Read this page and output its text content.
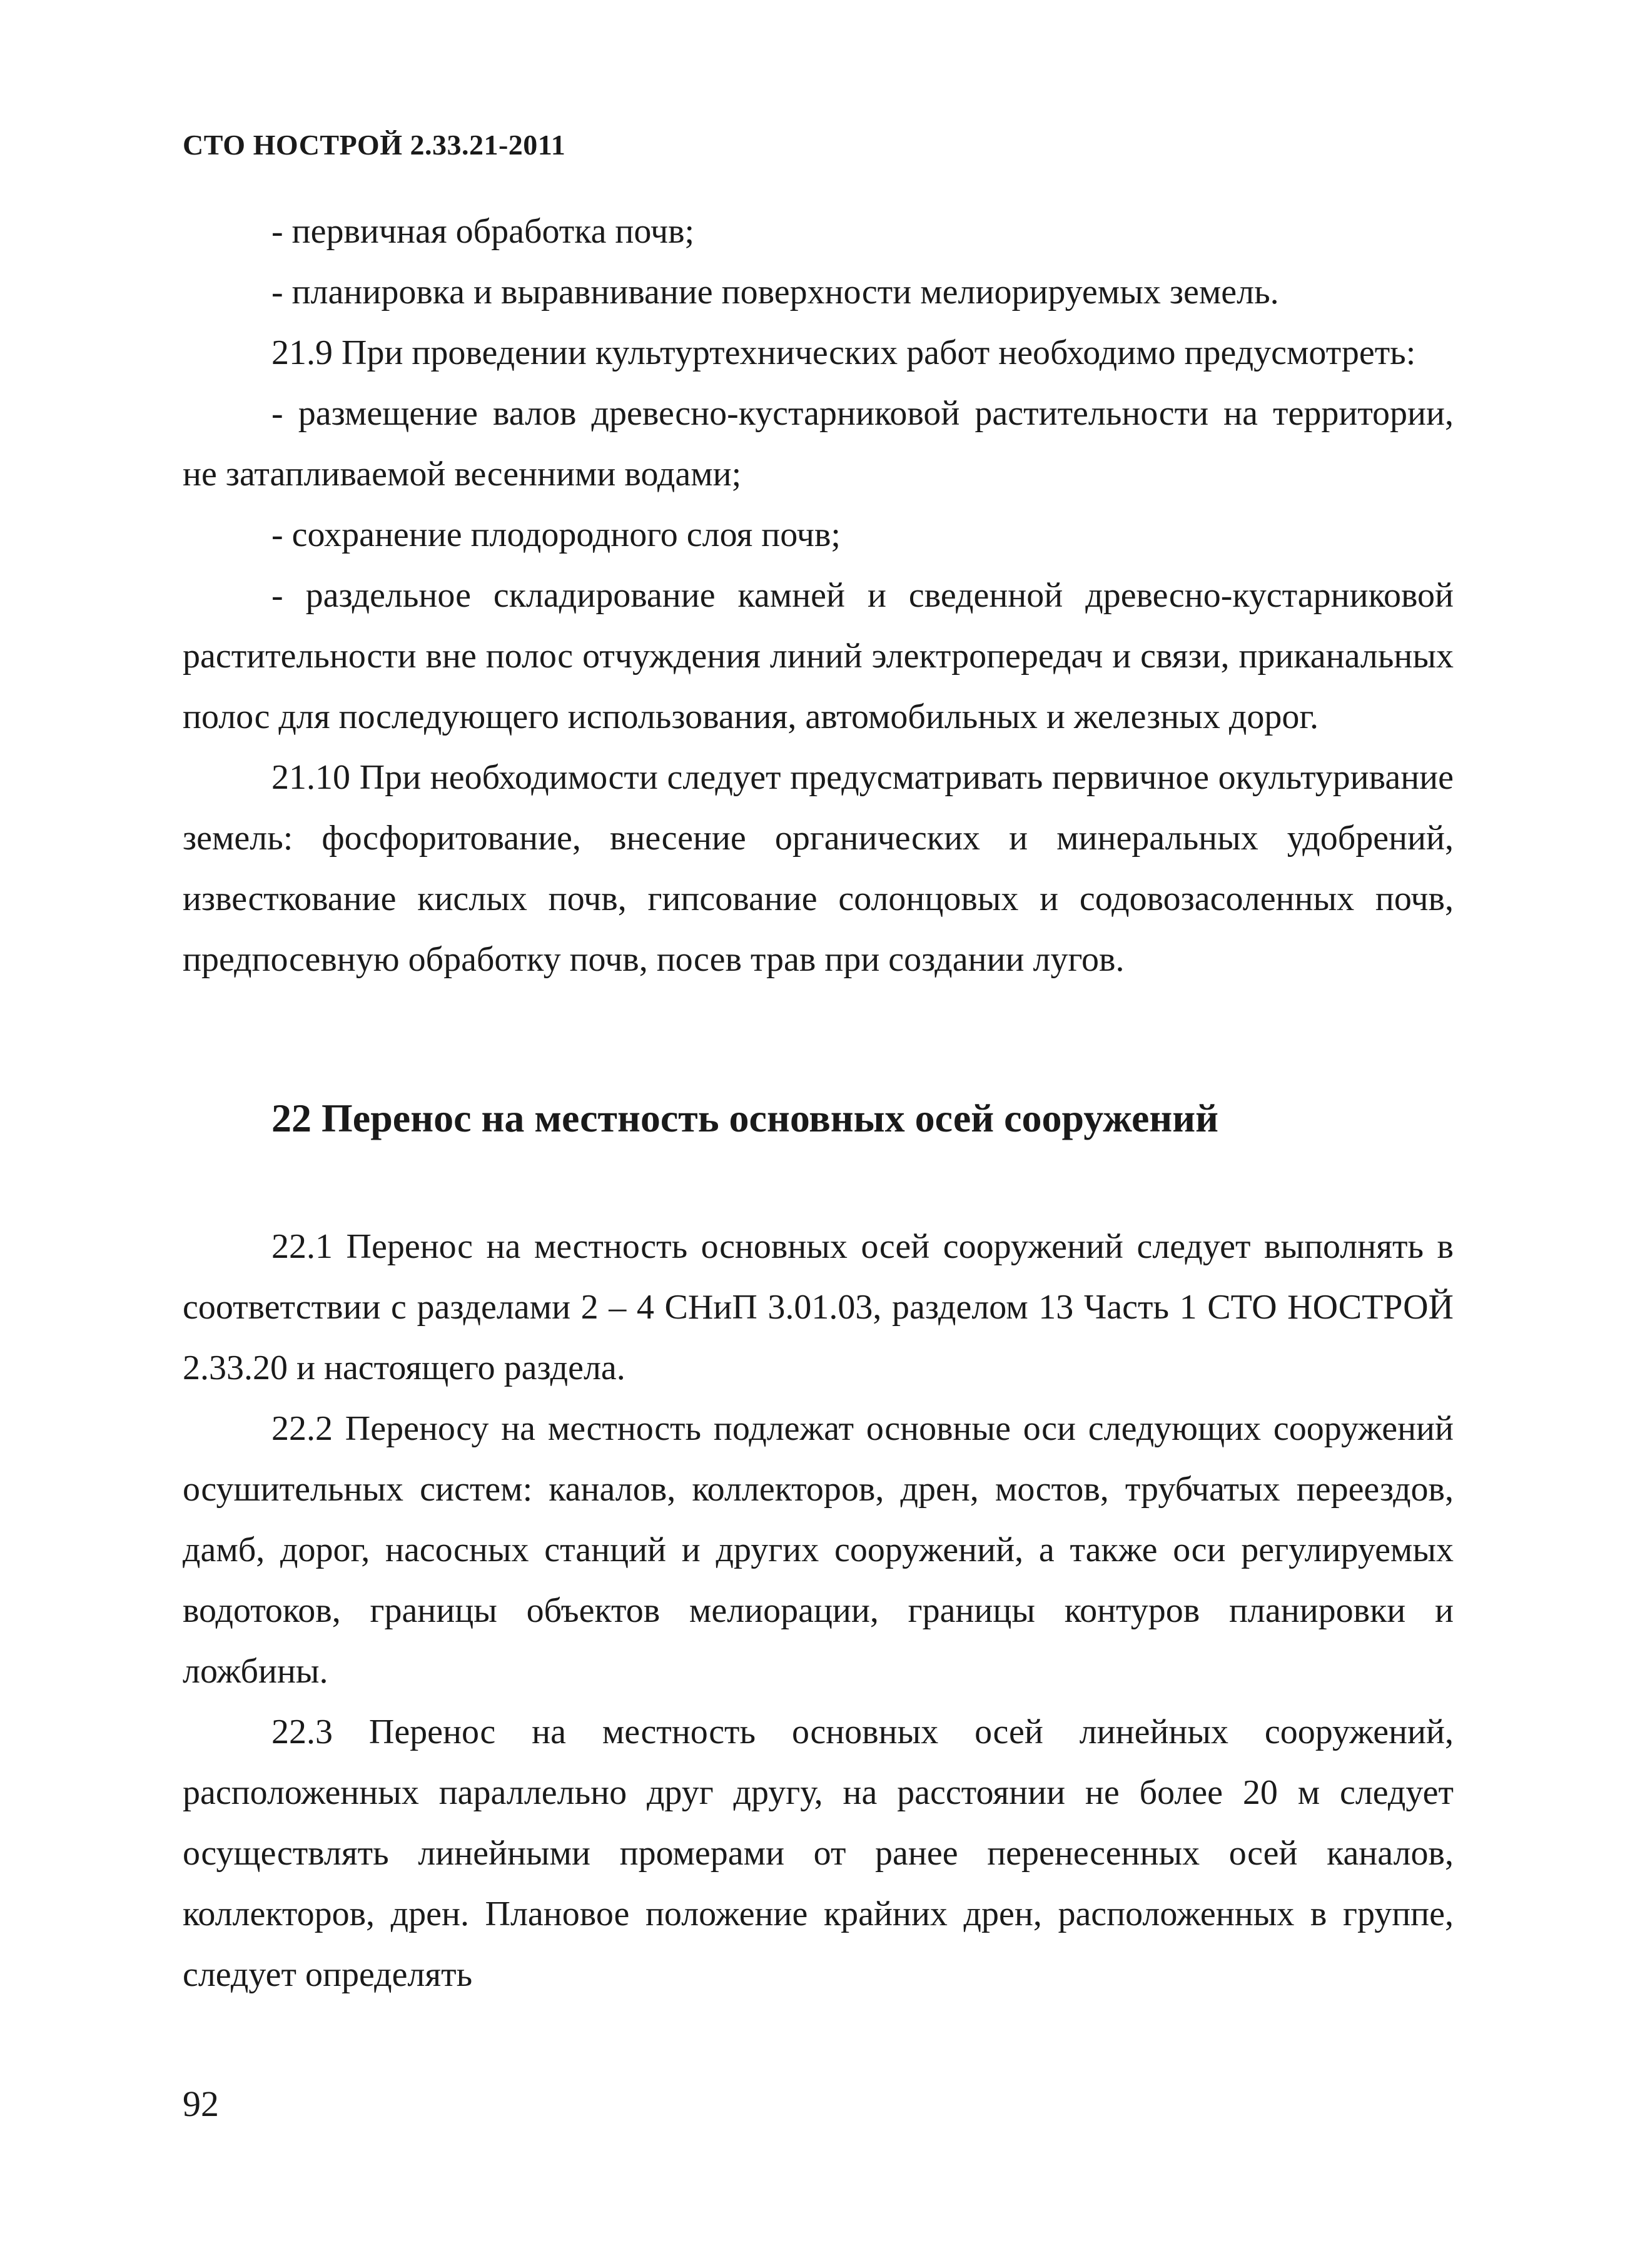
СТО НОСТРОЙ 2.33.21-2011

- первичная обработка почв;

- планировка и выравнивание поверхности мелиорируемых земель.

21.9 При проведении культуртехнических работ необходимо предусмотреть:

- размещение валов древесно-кустарниковой растительности на территории, не затапливаемой весенними водами;

- сохранение плодородного слоя почв;

- раздельное складирование камней и сведенной древесно-кустарниковой растительности вне полос отчуждения линий электропередач и связи, приканальных полос для последующего использования, автомобильных и железных дорог.

21.10 При необходимости следует предусматривать первичное окультуривание земель: фосфоритование, внесение органических и минеральных удобрений, известкование кислых почв, гипсование солонцовых и содовозасоленных почв, предпосевную обработку почв, посев трав при создании лугов.

22 Перенос на местность основных осей сооружений

22.1 Перенос на местность основных осей сооружений следует выполнять в соответствии с разделами 2 – 4 СНиП 3.01.03, разделом 13 Часть 1 СТО НОСТРОЙ 2.33.20 и настоящего раздела.

22.2 Переносу на местность подлежат основные оси следующих сооружений осушительных систем: каналов, коллекторов, дрен, мостов, трубчатых переездов, дамб, дорог, насосных станций и других сооружений, а также оси регулируемых водотоков, границы объектов мелиорации, границы контуров планировки и ложбины.

22.3 Перенос на местность основных осей линейных сооружений, расположенных параллельно друг другу, на расстоянии не более 20 м следует осуществлять линейными промерами от ранее перенесенных осей каналов, коллекторов, дрен. Плановое положение крайних дрен, расположенных в группе, следует определять

92
